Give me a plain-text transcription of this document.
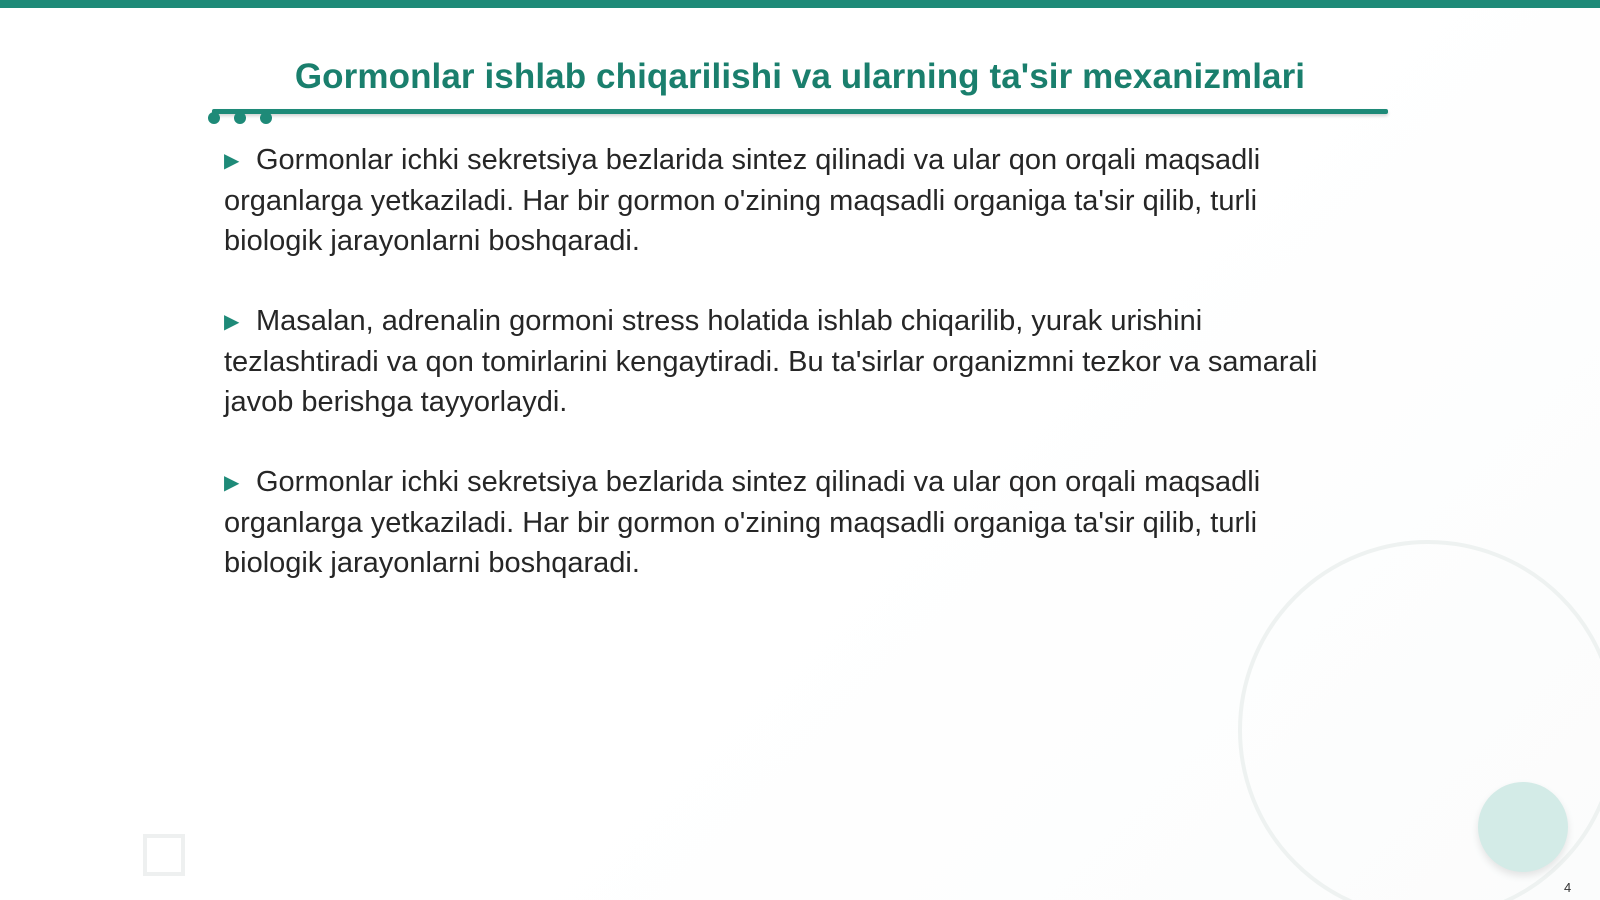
Gormonlar ishlab chiqarilishi va ularning ta'sir mexanizmlari

▶ Gormonlar ichki sekretsiya bezlarida sintez qilinadi va ular qon orqali maqsadli organlarga yetkaziladi. Har bir gormon o'zining maqsadli organiga ta'sir qilib, turli biologik jarayonlarni boshqaradi.

▶ Masalan, adrenalin gormoni stress holatida ishlab chiqarilib, yurak urishini tezlashtiradi va qon tomirlarini kengaytiradi. Bu ta'sirlar organizmni tezkor va samarali javob berishga tayyorlaydi.

▶ Gormonlar ichki sekretsiya bezlarida sintez qilinadi va ular qon orqali maqsadli organlarga yetkaziladi. Har bir gormon o'zining maqsadli organiga ta'sir qilib, turli biologik jarayonlarni boshqaradi.

4
